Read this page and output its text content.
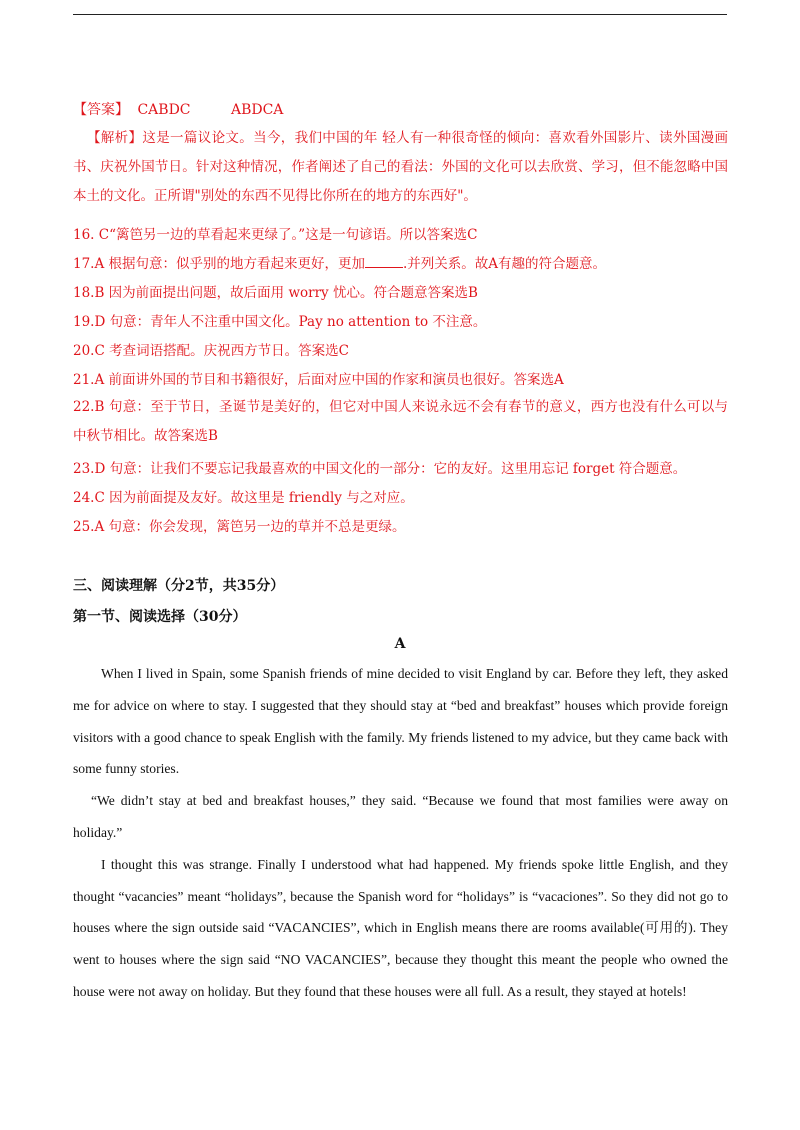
【答案】 CABDC	ABDCA
【解析】这是一篇议论文。当今，我们中国的年 轻人有一种很奇怪的倾向：喜欢看外国影片、读外国漫画书、庆祝外国节日。针对这种情况，作者阐述了自己的看法：外国的文化可以去欣赏、学习，但不能忽略中国本土的文化。正所谓"别处的东西不见得比你所在的地方的东西好"。
16. C“篱笆另一边的草看起来更绿了。”这是一句谚语。所以答案选C
17.A 根据句意：似乎别的地方看起来更好，更加	.并列关系。故A有趣的符合题意。
18.B 因为前面提出问题，故后面用 worry 忧心。符合题意答案选B
19.D 句意：青年人不注重中国文化。Pay no attention to 不注意。
20.C 考查词语搭配。庆祝西方节日。答案选C
21.A 前面讲外国的节目和书籍很好，后面对应中国的作家和演员也很好。答案选A
22.B 句意：至于节日，圣诞节是美好的，但它对中国人来说永远不会有春节的意义，西方也没有什么可以与中秋节相比。故答案选B
23.D 句意：让我们不要忘记我最喜欢的中国文化的一部分：它的友好。这里用忘记 forget 符合题意。
24.C 因为前面提及友好。故这里是 friendly 与之对应。
25.A 句意：你会发现，篱笆另一边的草并不总是更绿。
三、阅读理解（分2节，共35分）
第一节、阅读选择（30分）
A

When I lived in Spain, some Spanish friends of mine decided to visit England by car. Before they left, they asked me for advice on where to stay. I suggested that they should stay at “bed and breakfast” houses which provide foreign visitors with a good chance to speak English with the family. My friends listened to my advice, but they came back with some funny stories.

“We didn’t stay at bed and breakfast houses,” they said. “Because we found that most families were away on holiday.”

I thought this was strange. Finally I understood what had happened. My friends spoke little English, and they thought “vacancies” meant “holidays”, because the Spanish word for “holidays” is “vacaciones”. So they did not go to houses where the sign outside said “VACANCIES”, which in English means there are rooms available(可用的). They went to houses where the sign said “NO VACANCIES”, because they thought this meant the people who owned the house were not away on holiday. But they found that these houses were all full. As a result, they stayed at hotels!
